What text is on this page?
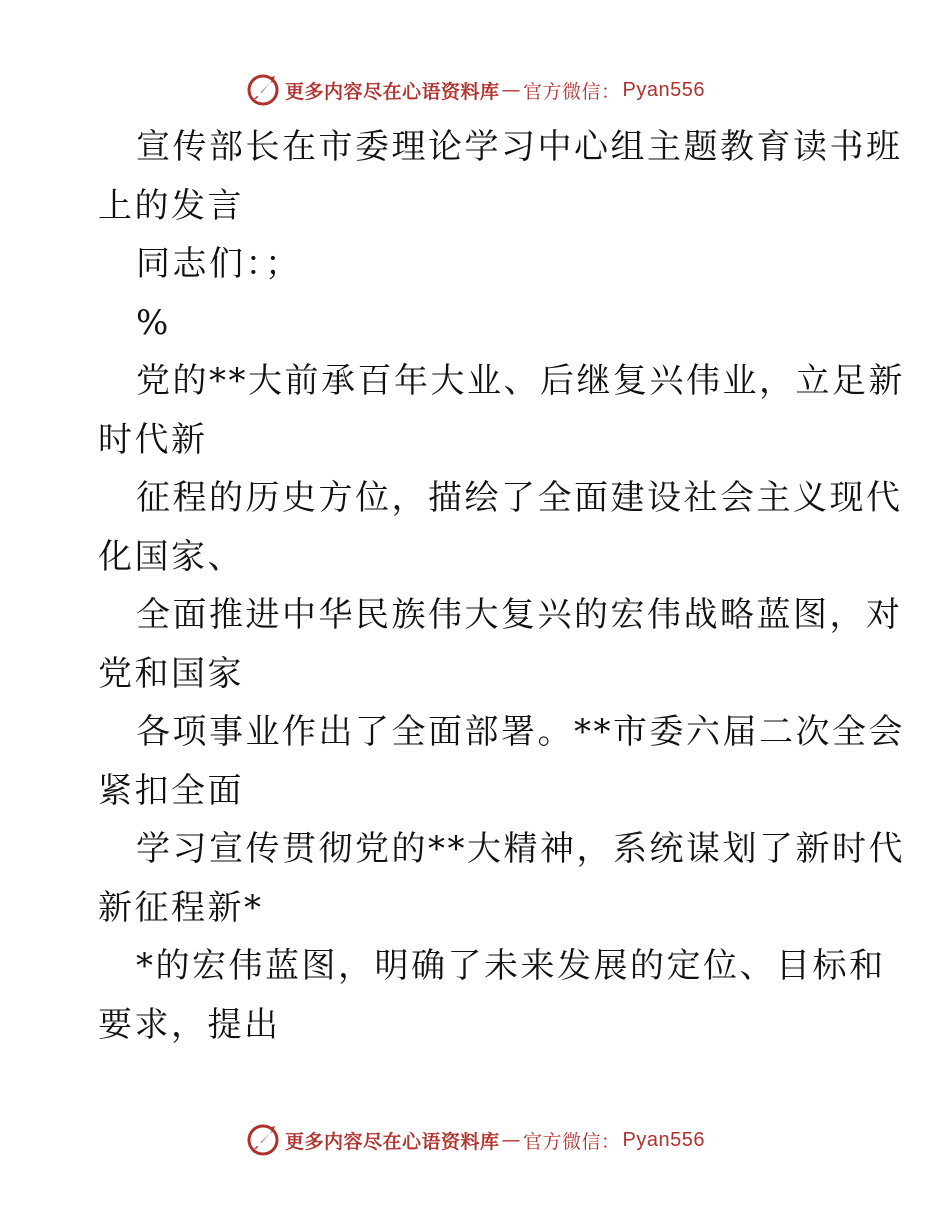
更多内容尽在心语资料库 — 官方微信： Pyan556

宣传部长在市委理论学习中心组主题教育读书班
上的发言

同志们：；

%

党的**大前承百年大业、后继复兴伟业，立足新
时代新

征程的历史方位，描绘了全面建设社会主义现代
化国家、

全面推进中华民族伟大复兴的宏伟战略蓝图，对
党和国家

各项事业作出了全面部署。**市委六届二次全会
紧扣全面

学习宣传贯彻党的**大精神，系统谋划了新时代
新征程新*

*的宏伟蓝图，明确了未来发展的定位、目标和
要求，提出

更多内容尽在心语资料库 — 官方微信： Pyan556
